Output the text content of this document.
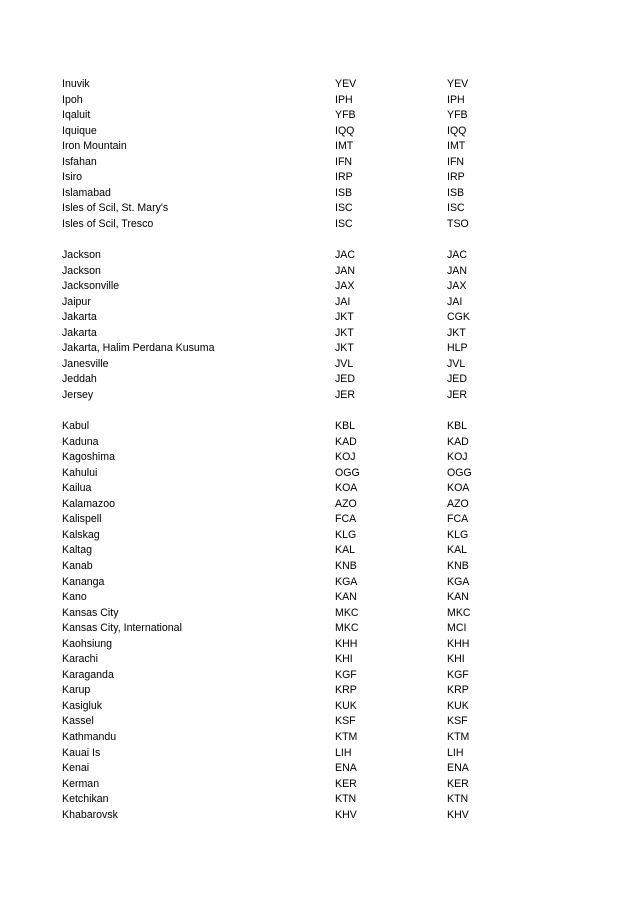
Inuvik	YEV	YEV
Ipoh	IPH	IPH
Iqaluit	YFB	YFB
Iquique	IQQ	IQQ
Iron Mountain	IMT	IMT
Isfahan	IFN	IFN
Isiro	IRP	IRP
Islamabad	ISB	ISB
Isles of Scil, St. Mary's	ISC	ISC
Isles of Scil, Tresco	ISC	TSO
Jackson	JAC	JAC
Jackson	JAN	JAN
Jacksonville	JAX	JAX
Jaipur	JAI	JAI
Jakarta	JKT	CGK
Jakarta	JKT	JKT
Jakarta, Halim Perdana Kusuma	JKT	HLP
Janesville	JVL	JVL
Jeddah	JED	JED
Jersey	JER	JER
Kabul	KBL	KBL
Kaduna	KAD	KAD
Kagoshima	KOJ	KOJ
Kahului	OGG	OGG
Kailua	KOA	KOA
Kalamazoo	AZO	AZO
Kalispell	FCA	FCA
Kalskag	KLG	KLG
Kaltag	KAL	KAL
Kanab	KNB	KNB
Kananga	KGA	KGA
Kano	KAN	KAN
Kansas City	MKC	MKC
Kansas City, International	MKC	MCI
Kaohsiung	KHH	KHH
Karachi	KHI	KHI
Karaganda	KGF	KGF
Karup	KRP	KRP
Kasigluk	KUK	KUK
Kassel	KSF	KSF
Kathmandu	KTM	KTM
Kauai Is	LIH	LIH
Kenai	ENA	ENA
Kerman	KER	KER
Ketchikan	KTN	KTN
Khabarovsk	KHV	KHV
